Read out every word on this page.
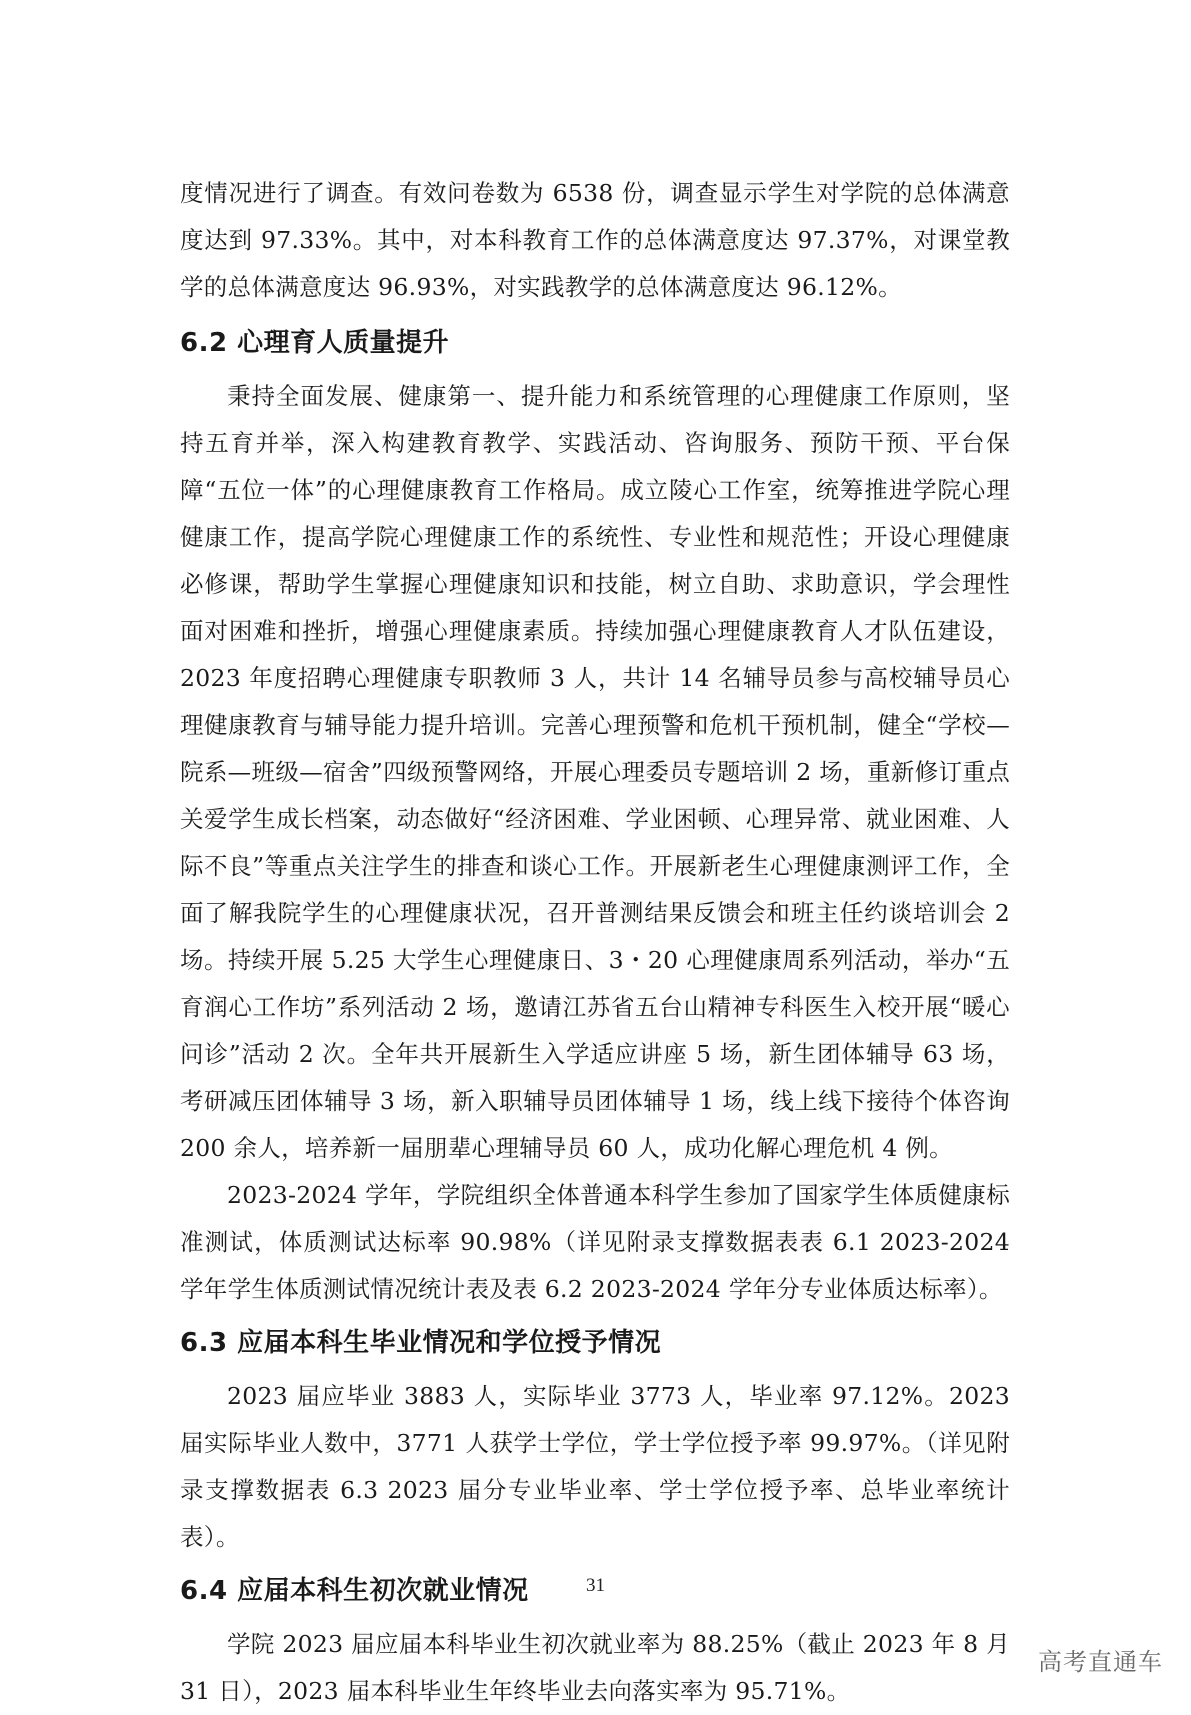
度情况进行了调查。有效问卷数为 6538 份，调查显示学生对学院的总体满意度达到 97.33%。其中，对本科教育工作的总体满意度达 97.37%，对课堂教学的总体满意度达 96.93%，对实践教学的总体满意度达 96.12%。

6.2 心理育人质量提升

秉持全面发展、健康第一、提升能力和系统管理的心理健康工作原则，坚持五育并举，深入构建教育教学、实践活动、咨询服务、预防干预、平台保障“五位一体”的心理健康教育工作格局。成立陵心工作室，统筹推进学院心理健康工作，提高学院心理健康工作的系统性、专业性和规范性；开设心理健康必修课，帮助学生掌握心理健康知识和技能，树立自助、求助意识，学会理性面对困难和挫折，增强心理健康素质。持续加强心理健康教育人才队伍建设，2023 年度招聘心理健康专职教师 3 人，共计 14 名辅导员参与高校辅导员心理健康教育与辅导能力提升培训。完善心理预警和危机干预机制，健全“学校—院系—班级—宿舍”四级预警网络，开展心理委员专题培训 2 场，重新修订重点关爱学生成长档案，动态做好“经济困难、学业困顿、心理异常、就业困难、人际不良”等重点关注学生的排查和谈心工作。开展新老生心理健康测评工作，全面了解我院学生的心理健康状况，召开普测结果反馈会和班主任约谈培训会 2 场。持续开展 5.25 大学生心理健康日、3・20 心理健康周系列活动，举办“五育润心工作坊”系列活动 2 场，邀请江苏省五台山精神专科医生入校开展“暖心问诊”活动 2 次。全年共开展新生入学适应讲座 5 场，新生团体辅导 63 场，考研减压团体辅导 3 场，新入职辅导员团体辅导 1 场，线上线下接待个体咨询 200 余人，培养新一届朋辈心理辅导员 60 人，成功化解心理危机 4 例。

2023-2024 学年，学院组织全体普通本科学生参加了国家学生体质健康标准测试，体质测试达标率 90.98%（详见附录支撑数据表表 6.1 2023-2024 学年学生体质测试情况统计表及表 6.2 2023-2024 学年分专业体质达标率）。

6.3 应届本科生毕业情况和学位授予情况

2023 届应毕业 3883 人，实际毕业 3773 人，毕业率 97.12%。2023 届实际毕业人数中，3771 人获学士学位，学士学位授予率 99.97%。（详见附录支撑数据表 6.3 2023 届分专业毕业率、学士学位授予率、总毕业率统计表）。

6.4 应届本科生初次就业情况

学院 2023 届应届本科毕业生初次就业率为 88.25%（截止 2023 年 8 月 31 日），2023 届本科毕业生年终毕业去向落实率为 95.71%。

31
高考直通车
